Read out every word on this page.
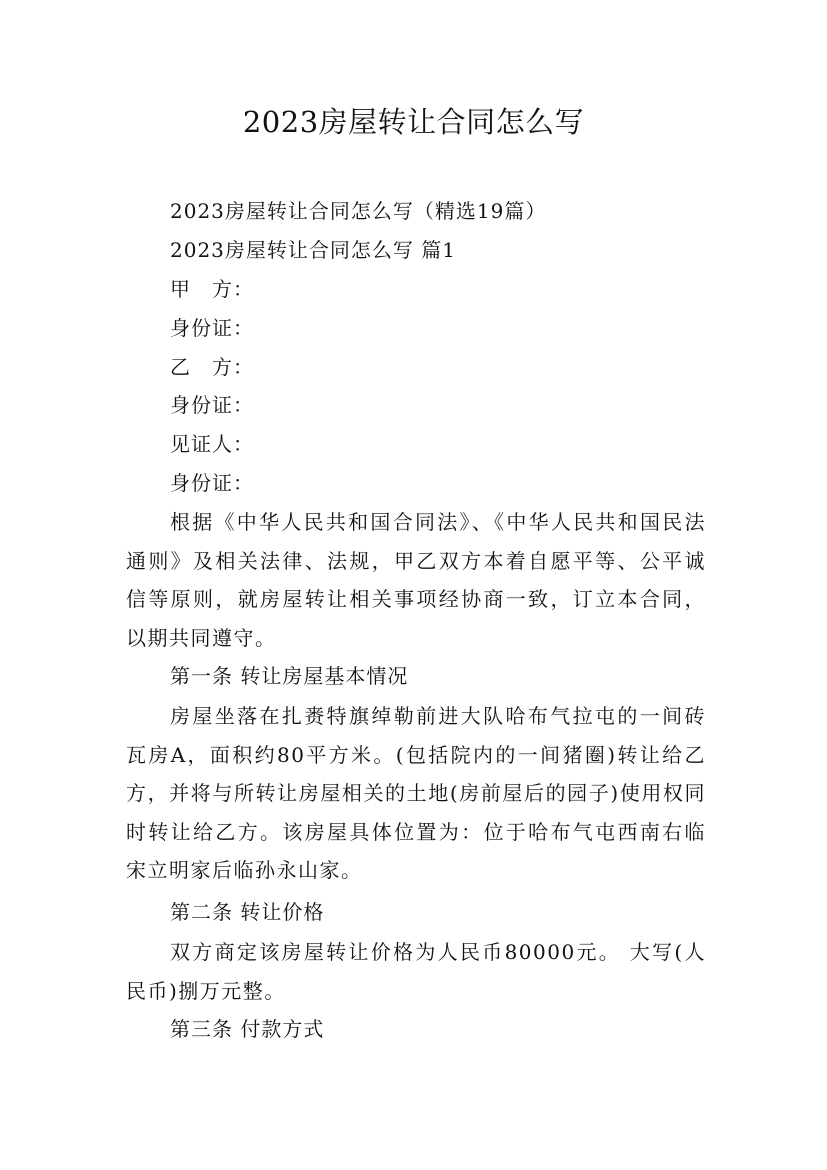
2023房屋转让合同怎么写
2023房屋转让合同怎么写（精选19篇）
2023房屋转让合同怎么写 篇1
甲　方：
身份证：
乙　方：
身份证：
见证人：
身份证：
根据《中华人民共和国合同法》、《中华人民共和国民法通则》及相关法律、法规，甲乙双方本着自愿平等、公平诚信等原则，就房屋转让相关事项经协商一致，订立本合同，以期共同遵守。
第一条 转让房屋基本情况
房屋坐落在扎赉特旗绰勒前进大队哈布气拉屯的一间砖瓦房A，面积约80平方米。(包括院内的一间猪圈)转让给乙方，并将与所转让房屋相关的土地(房前屋后的园子)使用权同时转让给乙方。该房屋具体位置为：位于哈布气屯西南右临宋立明家后临孙永山家。
第二条 转让价格
双方商定该房屋转让价格为人民币80000元。 大写(人民币)捌万元整。
第三条 付款方式
